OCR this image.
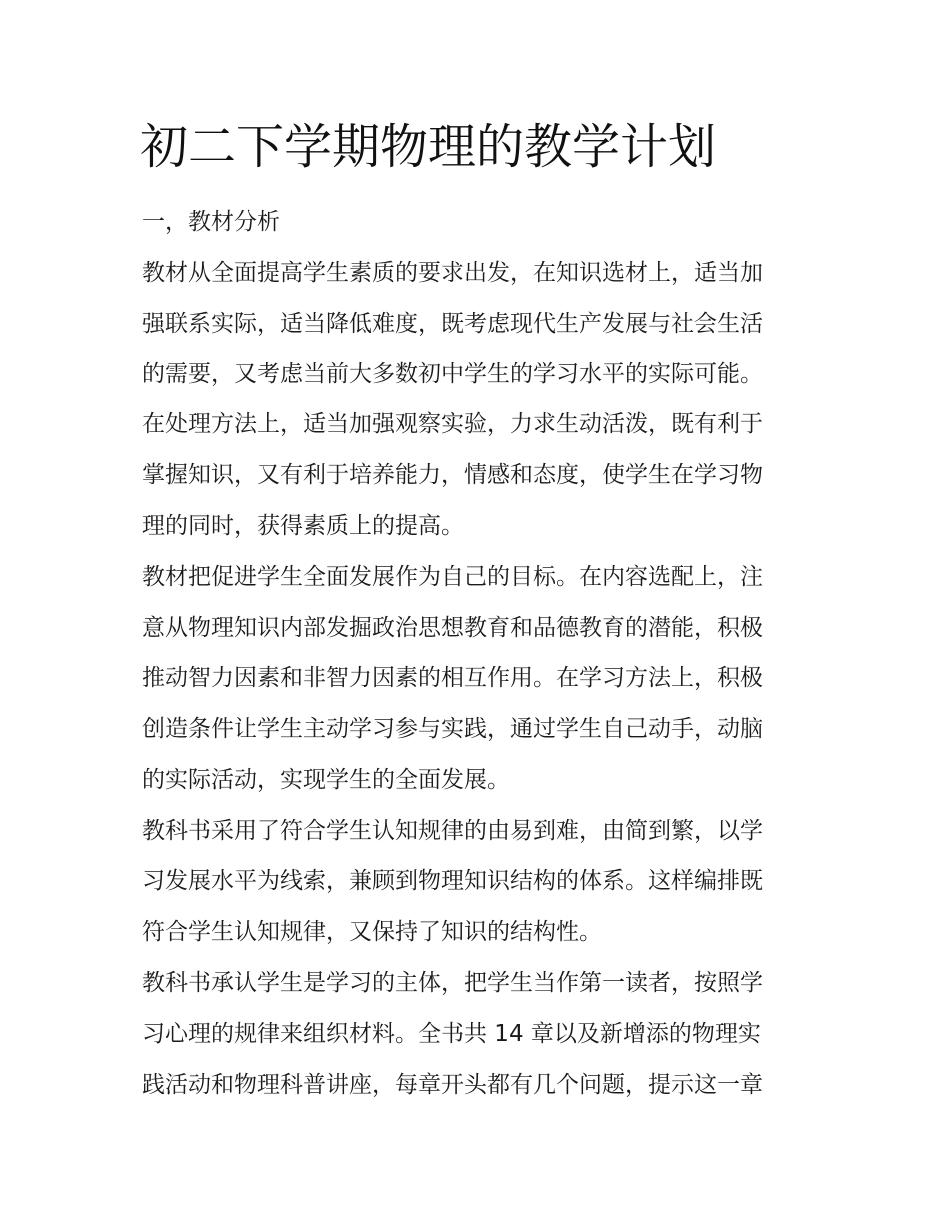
初二下学期物理的教学计划
一，教材分析
教材从全面提高学生素质的要求出发，在知识选材上，适当加
强联系实际，适当降低难度，既考虑现代生产发展与社会生活
的需要，又考虑当前大多数初中学生的学习水平的实际可能。
在处理方法上，适当加强观察实验，力求生动活泼，既有利于
掌握知识，又有利于培养能力，情感和态度，使学生在学习物
理的同时，获得素质上的提高。
教材把促进学生全面发展作为自己的目标。在内容选配上，注
意从物理知识内部发掘政治思想教育和品德教育的潜能，积极
推动智力因素和非智力因素的相互作用。在学习方法上，积极
创造条件让学生主动学习参与实践，通过学生自己动手，动脑
的实际活动，实现学生的全面发展。
教科书采用了符合学生认知规律的由易到难，由简到繁，以学
习发展水平为线索，兼顾到物理知识结构的体系。这样编排既
符合学生认知规律，又保持了知识的结构性。
教科书承认学生是学习的主体，把学生当作第一读者，按照学
习心理的规律来组织材料。全书共 14 章以及新增添的物理实
践活动和物理科普讲座，每章开头都有几个问题，提示这一章
